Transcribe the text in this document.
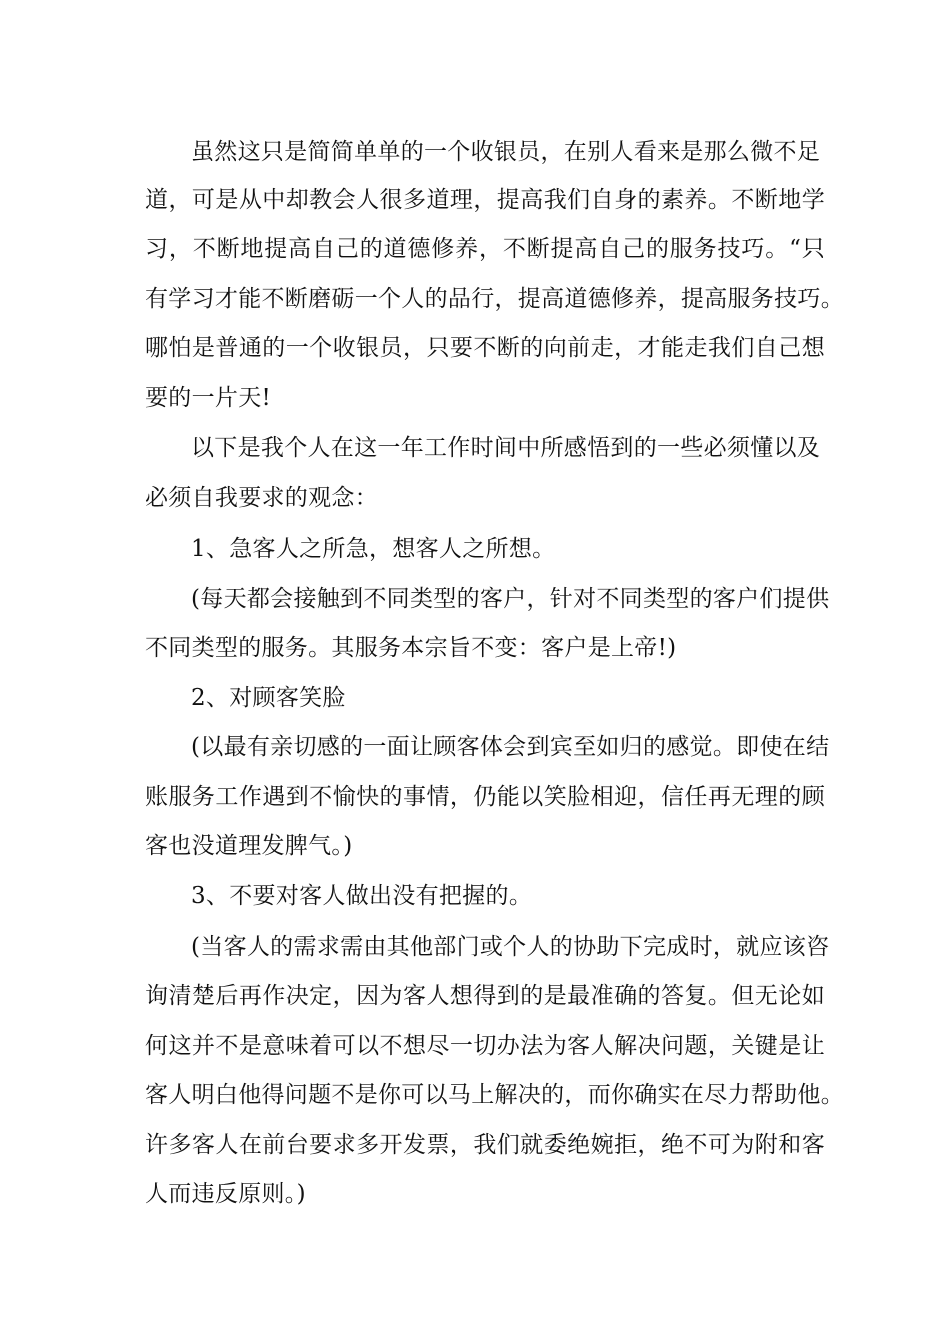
虽然这只是简简单单的一个收银员，在别人看来是那么微不足
道，可是从中却教会人很多道理，提高我们自身的素养。不断地学
习，不断地提高自己的道德修养，不断提高自己的服务技巧。“只
有学习才能不断磨砺一个人的品行，提高道德修养，提高服务技巧。
哪怕是普通的一个收银员，只要不断的向前走，才能走我们自己想
要的一片天!
以下是我个人在这一年工作时间中所感悟到的一些必须懂以及
必须自我要求的观念：
1、急客人之所急，想客人之所想。
(每天都会接触到不同类型的客户，针对不同类型的客户们提供
不同类型的服务。其服务本宗旨不变：客户是上帝!)
2、对顾客笑脸
(以最有亲切感的一面让顾客体会到宾至如归的感觉。即使在结
账服务工作遇到不愉快的事情，仍能以笑脸相迎，信任再无理的顾
客也没道理发脾气。)
3、不要对客人做出没有把握的。
(当客人的需求需由其他部门或个人的协助下完成时，就应该咨
询清楚后再作决定，因为客人想得到的是最准确的答复。但无论如
何这并不是意味着可以不想尽一切办法为客人解决问题，关键是让
客人明白他得问题不是你可以马上解决的，而你确实在尽力帮助他。
许多客人在前台要求多开发票，我们就委绝婉拒，绝不可为附和客
人而违反原则。)
